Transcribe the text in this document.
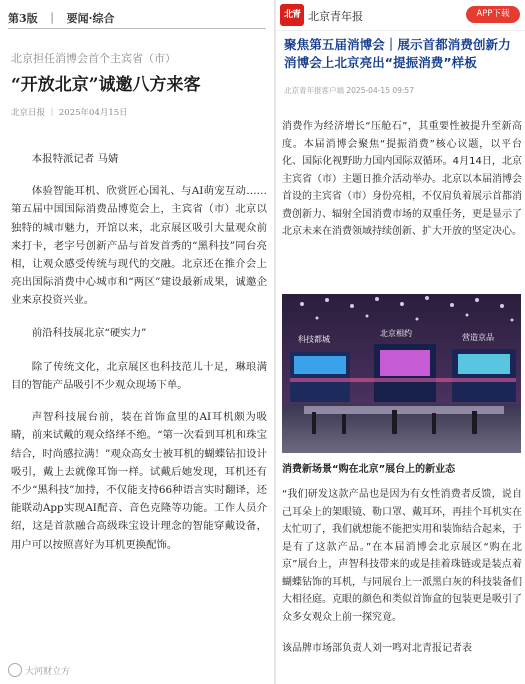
第3版 ｜ 要闻·综合
北京担任消博会首个主宾省（市）
“开放北京”诚邀八方来客
北京日报 ｜ 2025年04月15日

本报特派记者 马婧

体验智能耳机、欣赏匠心国礼、与AI萌宠互动……第五届中国国际消费品博览会上，主宾省（市）北京以独特的城市魅力，开馆以来，北京展区吸引大量观众前来打卡，老字号创新产品与首发首秀的“黑科技”同台亮相，让观众感受传统与现代的交融。北京还在推介会上亮出国际消费中心城市和“两区”建设最新成果，诚邀企业来京投资兴业。

前沿科技展北京“硬实力”

除了传统文化，北京展区也科技范儿十足，琳琅满目的智能产品吸引不少观众现场下单。

声智科技展台前，装在首饰盒里的AI耳机颇为吸睛，前来试戴的观众络绎不绝。“第一次看到耳机和珠宝结合，时尚感拉满！”观众高女士被耳机的蝴蝶钻扣设计吸引，戴上去就像耳饰一样。试戴后她发现，耳机还有不少“黑科技”加持，不仅能支持66种语言实时翻译，还能联动App实现AI配音、音色克隆等功能。工作人员介绍，这是首款融合高级珠宝设计理念的智能穿戴设备，用户可以按照喜好为耳机更换配饰。

大河财立方
北青 北京青年报	APP下载
聚焦第五届消博会｜展示首都消费创新力 消博会上北京亮出“提振消费”样板
北京青年报客户端 2025-04-15 09:57

消费作为经济增长“压舱石”，其重要性被提升至新高度。本届消博会聚焦“提振消费”核心议题，以平台化、国际化视野助力国内国际双循环。4月14日，北京主宾省（市）主题日推介活动举办。北京以本届消博会首设的主宾省（市）身份亮相，不仅肩负着展示首都消费创新力、辐射全国消费市场的双重任务，更是显示了北京未来在消费领域持续创新、扩大开放的坚定决心。

科技都城
北京相约	营造京品
消费新场景“购在北京”展台上的新业态

“我们研发这款产品也是因为有女性消费者反馈，说自己耳朵上的架眼镜、勒口罩、戴耳环，再挂个耳机实在太忙叨了，我们就想能不能把实用和装饰结合起来，于是有了这款产品。”在本届消博会北京展区“购在北京”展台上，声智科技带来的或是挂着珠链或是装点着蝴蝶钻饰的耳机，与同展台上一派黑白灰的科技装备们大相径庭。克眼的颜色和类似首饰盒的包装更是吸引了众多女观众上前一探究竟。

该品牌市场部负责人刘一鸣对北青报记者表
